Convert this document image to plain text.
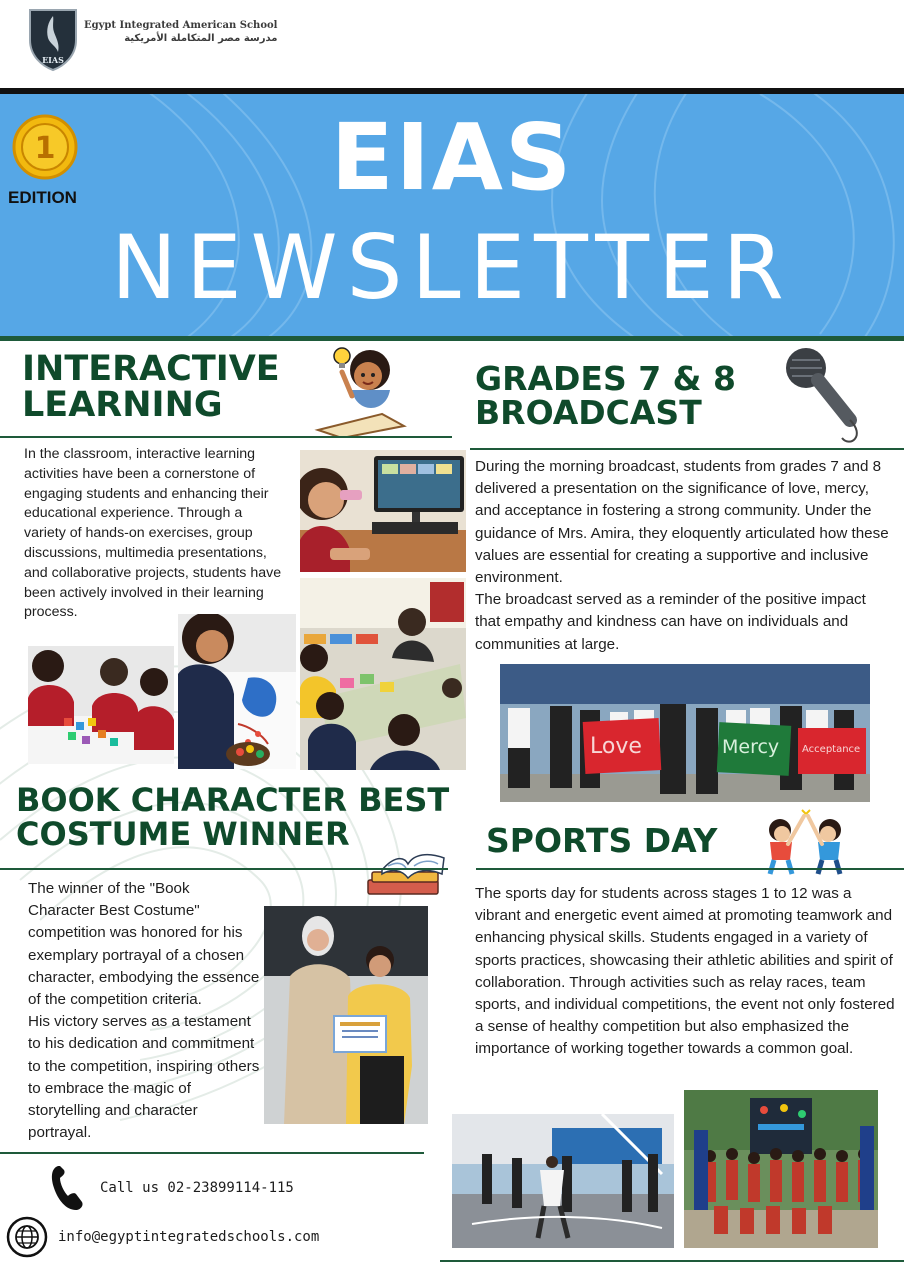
EIAS
Egypt Integrated American School
مدرسة مصر المتكاملة الأمريكية
1
EDITION	EIAS
NEWSLETTER
INTERACTIVE LEARNING
In the classroom, interactive learning activities have been a cornerstone of engaging students and enhancing their educational experience. Through a variety of hands-on exercises, group discussions, multimedia presentations, and collaborative projects, students have been actively involved in their learning process.
GRADES 7 & 8 BROADCAST

During the morning broadcast, students from grades 7 and 8 delivered a presentation on the significance of love, mercy, and acceptance in fostering a strong community. Under the guidance of Mrs. Amira, they eloquently articulated how these values are essential for creating a supportive and inclusive environment.

The broadcast served as a reminder of the positive impact that empathy and kindness can have on individuals and communities at large.

Love	Mercy Acceptance
BOOK CHARACTER BEST COSTUME WINNER

The winner of the "Book Character Best Costume" competition was honored for his exemplary portrayal of a chosen character, embodying the essence of the competition criteria.

His victory serves as a testament to his dedication and commitment to the competition, inspiring others to embrace the magic of storytelling and character portrayal.

SPORTS DAY
The sports day for students across stages 1 to 12 was a vibrant and energetic event aimed at promoting teamwork and enhancing physical skills. Students engaged in a variety of sports practices, showcasing their athletic abilities and spirit of collaboration. Through activities such as relay races, team sports, and individual competitions, the event not only fostered a sense of healthy competition but also emphasized the importance of working together towards a common goal.
Call us 02-23899114-115
info@egyptintegratedschools.com
